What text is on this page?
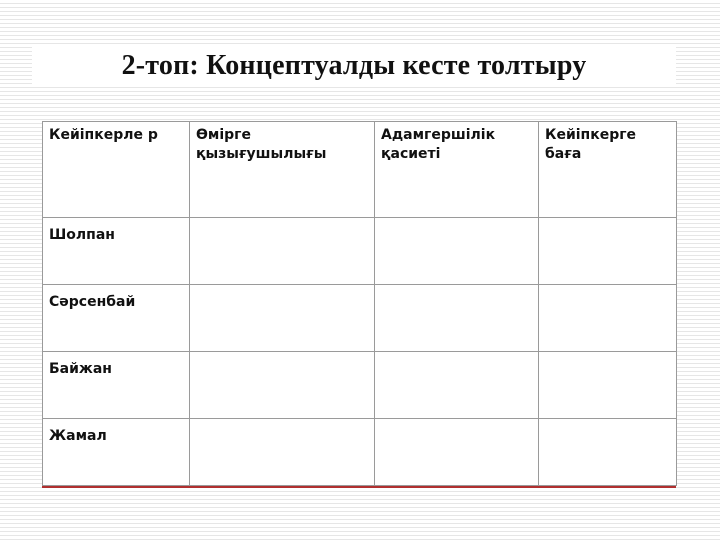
2-топ: Концептуалды кесте толтыру
Кейіпкерле р	Өмірге қызығушылығы	Адамгершілік қасиеті	Кейіпкерге баға
Шолпан			
Сәрсенбай			
Байжан			
Жамал			
